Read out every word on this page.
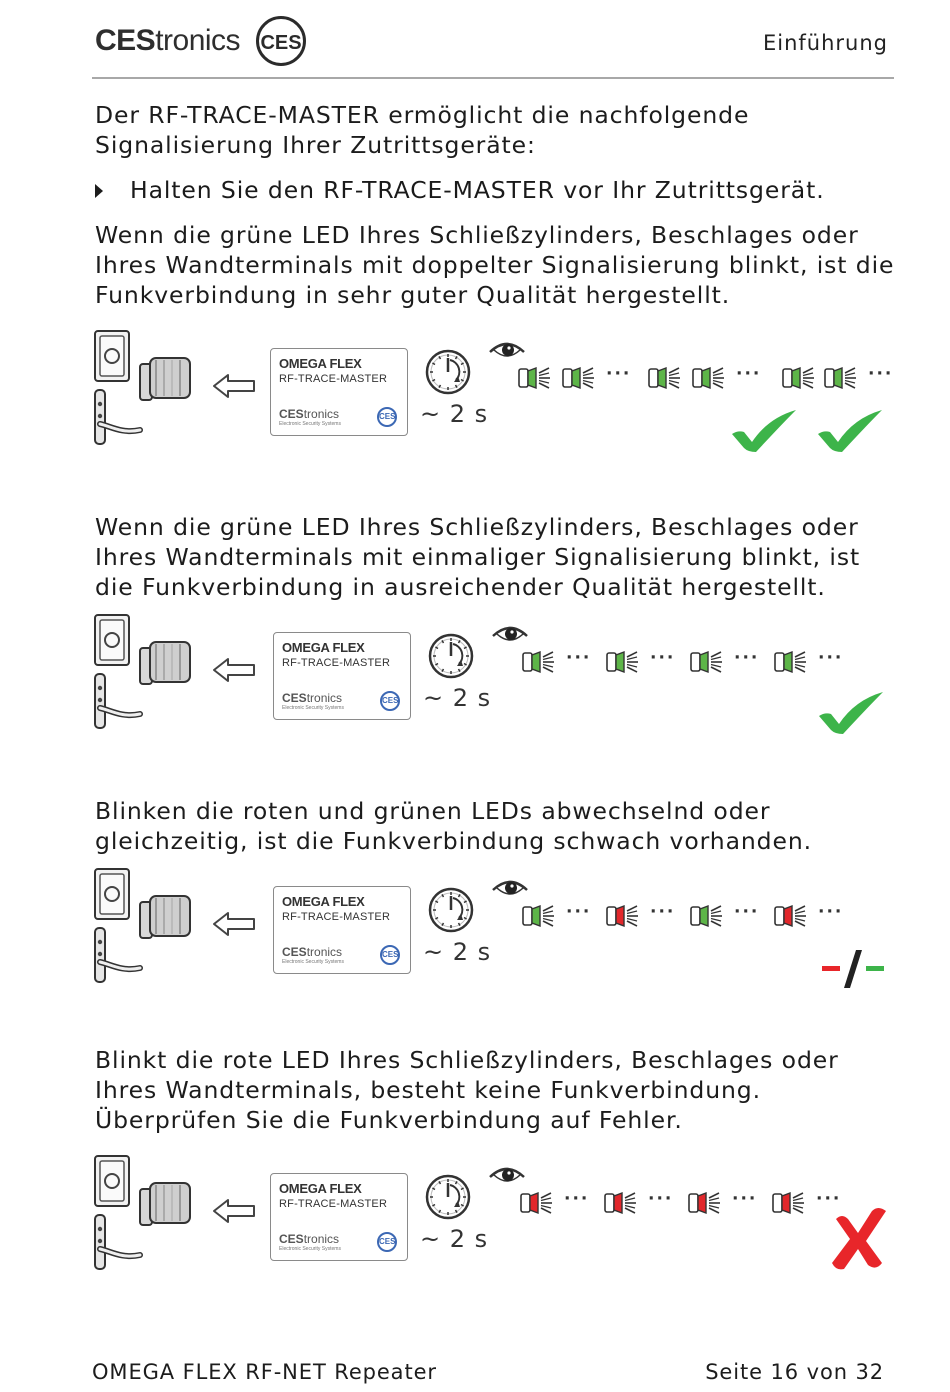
CEStronics CES	Einführung
Der RF-TRACE-MASTER ermöglicht die nachfolgende
Signalisierung Ihrer Zutrittsgeräte:
Halten Sie den RF-TRACE-MASTER vor Ihr Zutrittsgerät.
Wenn die grüne LED Ihres Schließzylinders, Beschlages oder
Ihres Wandterminals mit doppelter Signalisierung blinkt, ist die
Funkverbindung in sehr guter Qualität hergestellt.
Wenn die grüne LED Ihres Schließzylinders, Beschlages oder
Ihres Wandterminals mit einmaliger Signalisierung blinkt, ist
die Funkverbindung in ausreichender Qualität hergestellt.
Blinken die roten und grünen LEDs abwechselnd oder
gleichzeitig, ist die Funkverbindung schwach vorhanden.
Blinkt die rote LED Ihres Schließzylinders, Beschlages oder
Ihres Wandterminals, besteht keine Funkverbindung.
Überprüfen Sie die Funkverbindung auf Fehler.
OMEGA FLEX
RF-TRACE-MASTER
CEStronics
Electronic Security Systems
CES ~ 2 s
···	···	···
OMEGA FLEX
RF-TRACE-MASTER
CEStronics
Electronic Security Systems
CES ~ 2 s
···	···	···	···
OMEGA FLEX
RF-TRACE-MASTER
CEStronics
Electronic Security Systems
CES ~ 2 s
···	···	···	···
OMEGA FLEX
RF-TRACE-MASTER
CEStronics
Electronic Security Systems
CES ~ 2 s
···	···	···	···
OMEGA FLEX RF-NET Repeater	Seite 16 von 32
